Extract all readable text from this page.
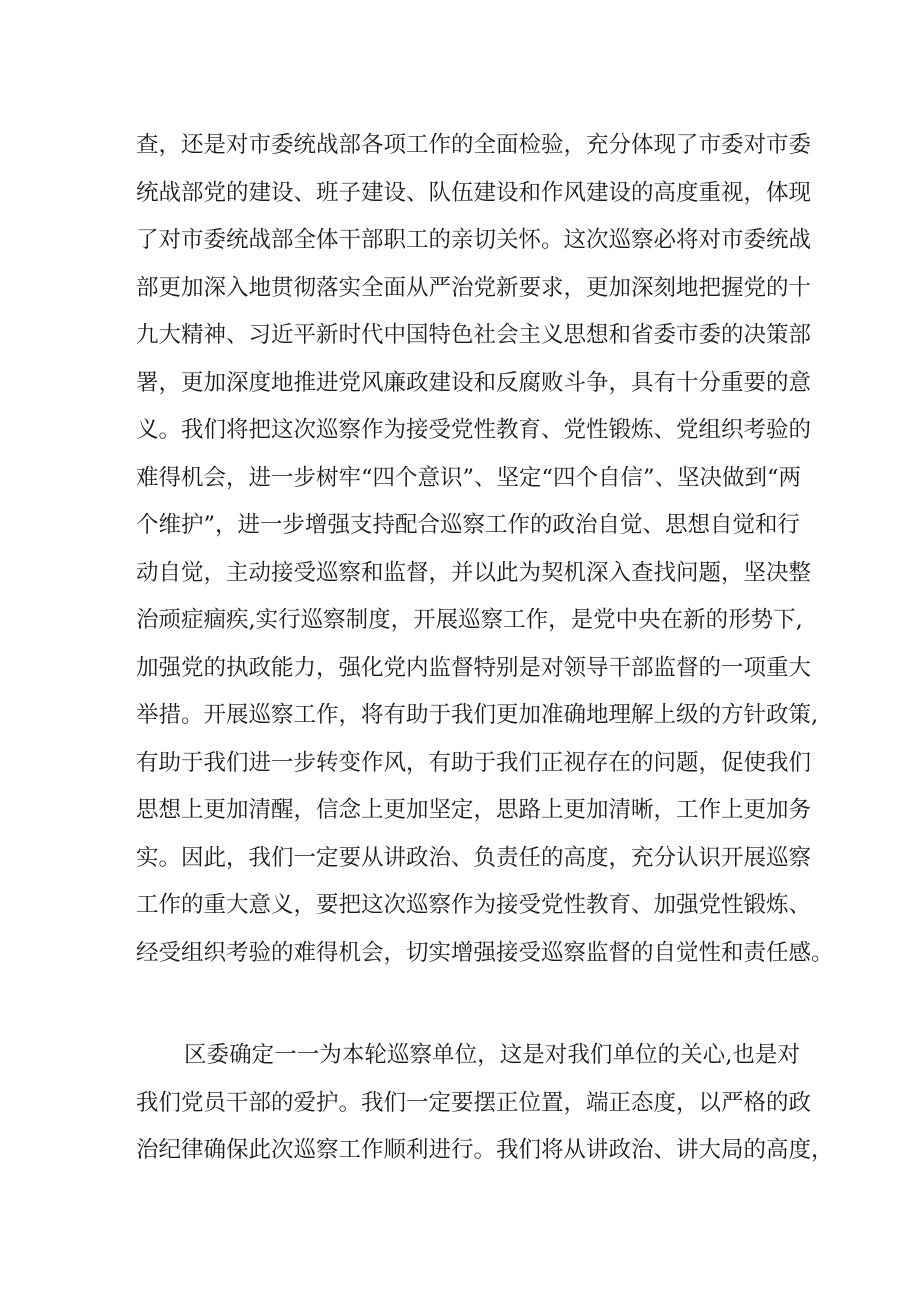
查，还是对市委统战部各项工作的全面检验，充分体现了市委对市委
统战部党的建设、班子建设、队伍建设和作风建设的高度重视，体现
了对市委统战部全体干部职工的亲切关怀。这次巡察必将对市委统战
部更加深入地贯彻落实全面从严治党新要求，更加深刻地把握党的十
九大精神、习近平新时代中国特色社会主义思想和省委市委的决策部
署，更加深度地推进党风廉政建设和反腐败斗争，具有十分重要的意
义。我们将把这次巡察作为接受党性教育、党性锻炼、党组织考验的
难得机会，进一步树牢“四个意识”、坚定“四个自信”、坚决做到“两
个维护”，进一步增强支持配合巡察工作的政治自觉、思想自觉和行
动自觉，主动接受巡察和监督，并以此为契机深入查找问题，坚决整
治顽症痼疾,实行巡察制度，开展巡察工作，是党中央在新的形势下,
加强党的执政能力，强化党内监督特别是对领导干部监督的一项重大
举措。开展巡察工作，将有助于我们更加准确地理解上级的方针政策,
有助于我们进一步转变作风，有助于我们正视存在的问题，促使我们
思想上更加清醒，信念上更加坚定，思路上更加清晰，工作上更加务
实。因此，我们一定要从讲政治、负责任的高度，充分认识开展巡察
工作的重大意义，要把这次巡察作为接受党性教育、加强党性锻炼、
经受组织考验的难得机会，切实增强接受巡察监督的自觉性和责任感。
区委确定一一为本轮巡察单位，这是对我们单位的关心,也是对
我们党员干部的爱护。我们一定要摆正位置，端正态度，以严格的政
治纪律确保此次巡察工作顺利进行。我们将从讲政治、讲大局的高度，
